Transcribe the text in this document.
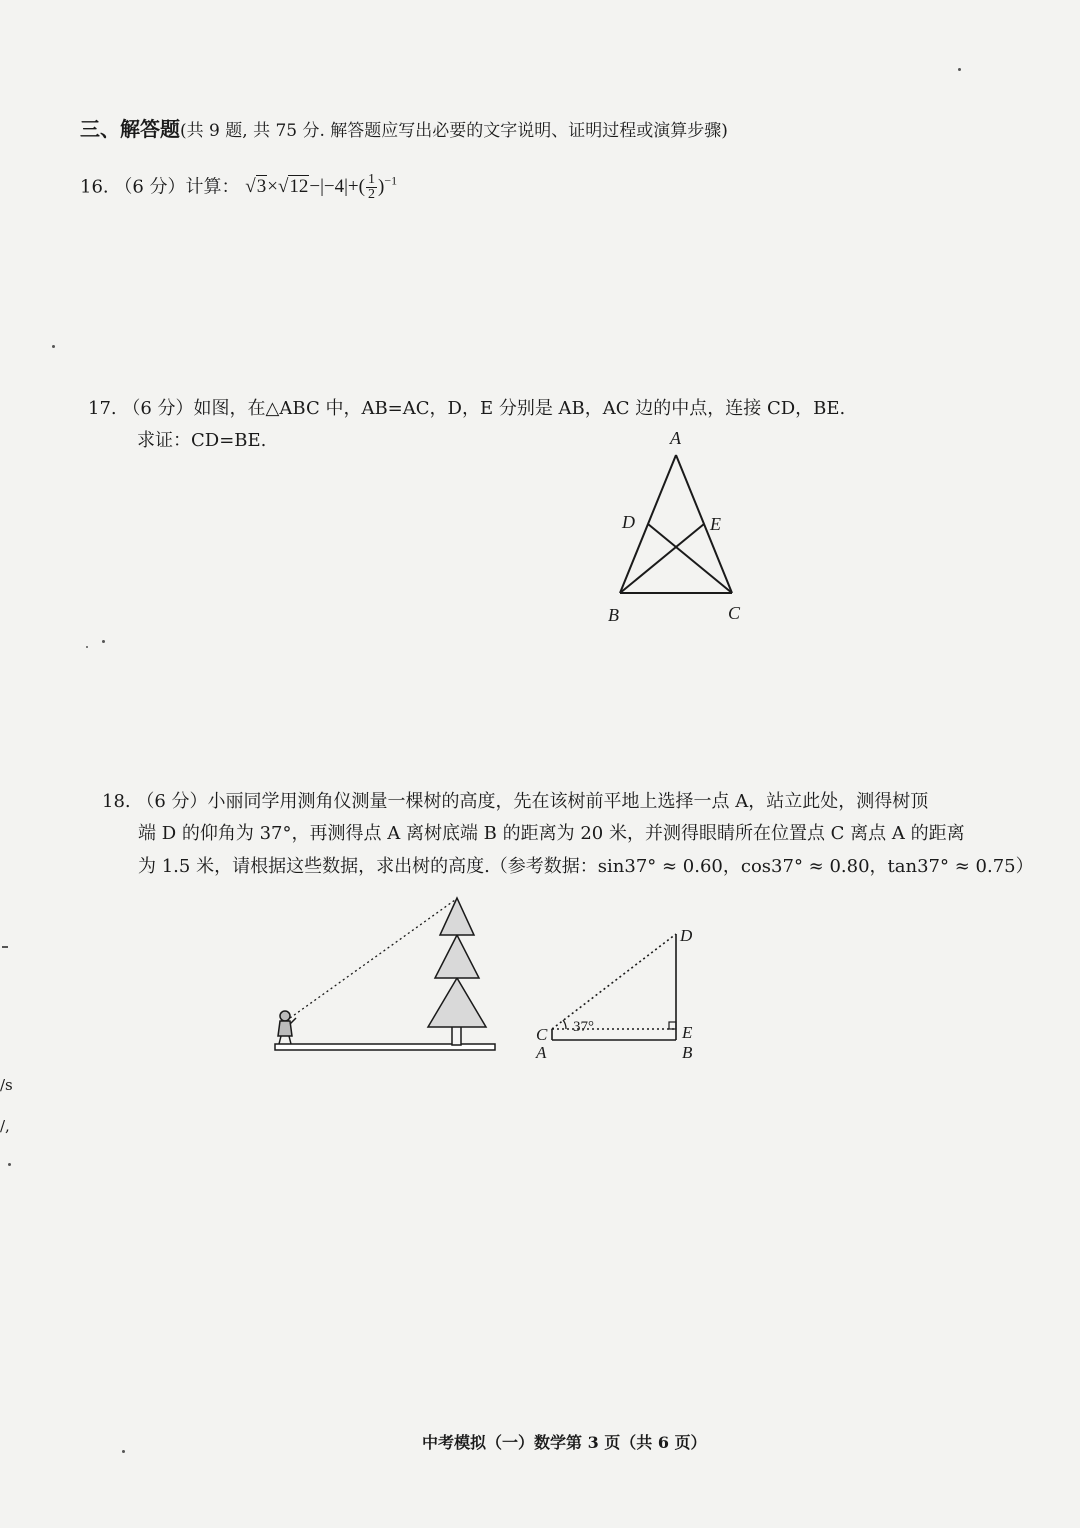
三、解答题(共 9 题, 共 75 分. 解答题应写出必要的文字说明、证明过程或演算步骤)
16. （6 分）计算： $√3\times√12-|-4|+( \frac{1}{2} )^{-1}$
17. （6 分）如图，在△ABC 中，AB=AC，D，E 分别是 AB，AC 边的中点，连接 CD，BE.
求证：CD=BE.	A
D	E
B	C
18. （6 分）小丽同学用测角仪测量一棵树的高度，先在该树前平地上选择一点 A，站立此处，测得树顶
端 D 的仰角为 37°，再测得点 A 离树底端 B 的距离为 20 米，并测得眼睛所在位置点 C 离点 A 的距离
为 1.5 米，请根据这些数据，求出树的高度.（参考数据：sin37° ≈ 0.60，cos37° ≈ 0.80，tan37° ≈ 0.75）
D
C
A
E
B
37°
中考模拟（一）数学第 3 页（共 6 页）
/s
/,
